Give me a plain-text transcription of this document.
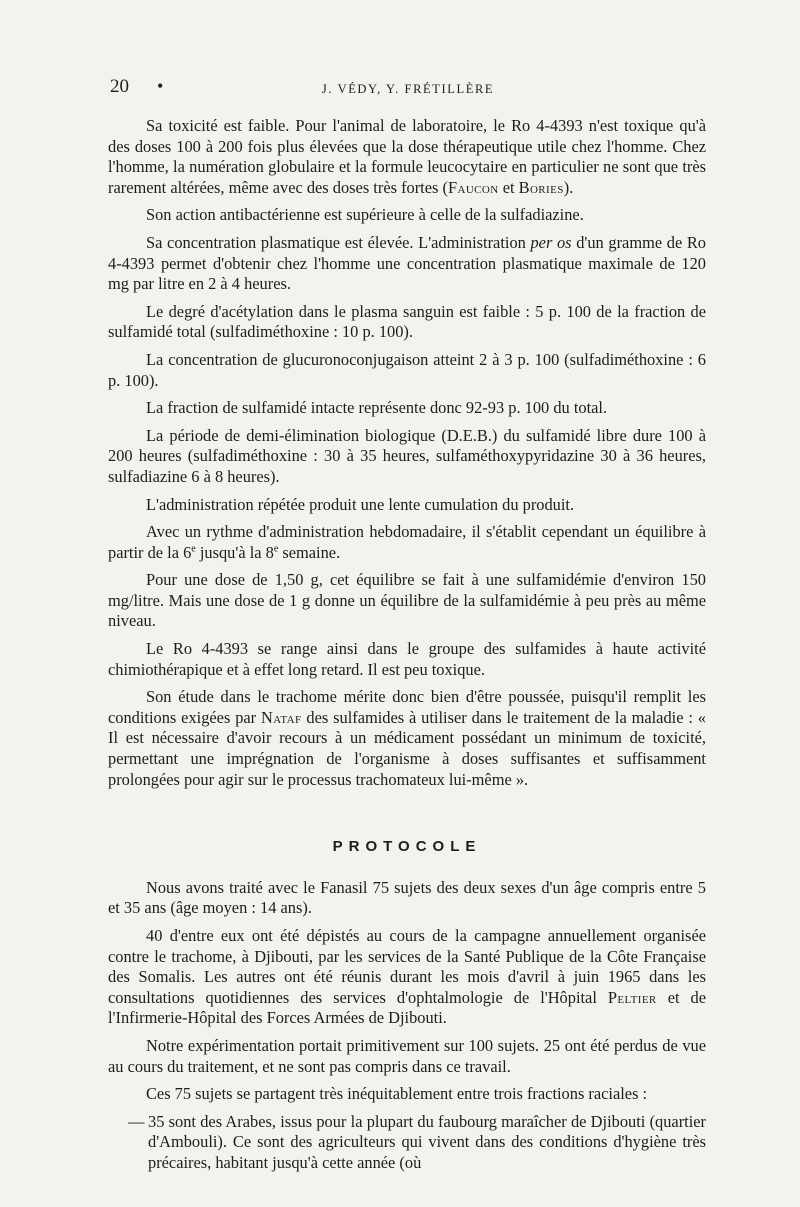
20 •	J. VÉDY, Y. FRÉTILLÈRE

Sa toxicité est faible. Pour l'animal de laboratoire, le Ro 4-4393 n'est toxique qu'à des doses 100 à 200 fois plus élevées que la dose thérapeutique utile chez l'homme. Chez l'homme, la numération globulaire et la formule leucocytaire en particulier ne sont que très rarement altérées, même avec des doses très fortes (Faucon et Bories).

Son action antibactérienne est supérieure à celle de la sulfadiazine.

Sa concentration plasmatique est élevée. L'administration per os d'un gramme de Ro 4-4393 permet d'obtenir chez l'homme une concentration plasmatique maximale de 120 mg par litre en 2 à 4 heures.

Le degré d'acétylation dans le plasma sanguin est faible : 5 p. 100 de la fraction de sulfamidé total (sulfadiméthoxine : 10 p. 100).

La concentration de glucuronoconjugaison atteint 2 à 3 p. 100 (sulfadiméthoxine : 6 p. 100).

La fraction de sulfamidé intacte représente donc 92-93 p. 100 du total.

La période de demi-élimination biologique (D.E.B.) du sulfamidé libre dure 100 à 200 heures (sulfadiméthoxine : 30 à 35 heures, sulfaméthoxypyridazine 30 à 36 heures, sulfadiazine 6 à 8 heures).

L'administration répétée produit une lente cumulation du produit.

Avec un rythme d'administration hebdomadaire, il s'établit cependant un équilibre à partir de la 6e jusqu'à la 8e semaine.

Pour une dose de 1,50 g, cet équilibre se fait à une sulfamidémie d'environ 150 mg/litre. Mais une dose de 1 g donne un équilibre de la sulfamidémie à peu près au même niveau.

Le Ro 4-4393 se range ainsi dans le groupe des sulfamides à haute activité chimiothérapique et à effet long retard. Il est peu toxique.

Son étude dans le trachome mérite donc bien d'être poussée, puisqu'il remplit les conditions exigées par Nataf des sulfamides à utiliser dans le traitement de la maladie : « Il est nécessaire d'avoir recours à un médicament possédant un minimum de toxicité, permettant une imprégnation de l'organisme à doses suffisantes et suffisamment prolongées pour agir sur le processus trachomateux lui-même ».

PROTOCOLE

Nous avons traité avec le Fanasil 75 sujets des deux sexes d'un âge compris entre 5 et 35 ans (âge moyen : 14 ans).

40 d'entre eux ont été dépistés au cours de la campagne annuellement organisée contre le trachome, à Djibouti, par les services de la Santé Publique de la Côte Française des Somalis. Les autres ont été réunis durant les mois d'avril à juin 1965 dans les consultations quotidiennes des services d'ophtalmologie de l'Hôpital Peltier et de l'Infirmerie-Hôpital des Forces Armées de Djibouti.

Notre expérimentation portait primitivement sur 100 sujets. 25 ont été perdus de vue au cours du traitement, et ne sont pas compris dans ce travail.

Ces 75 sujets se partagent très inéquitablement entre trois fractions raciales :

— 35 sont des Arabes, issus pour la plupart du faubourg maraîcher de Djibouti (quartier d'Ambouli). Ce sont des agriculteurs qui vivent dans des conditions d'hygiène très précaires, habitant jusqu'à cette année (où
